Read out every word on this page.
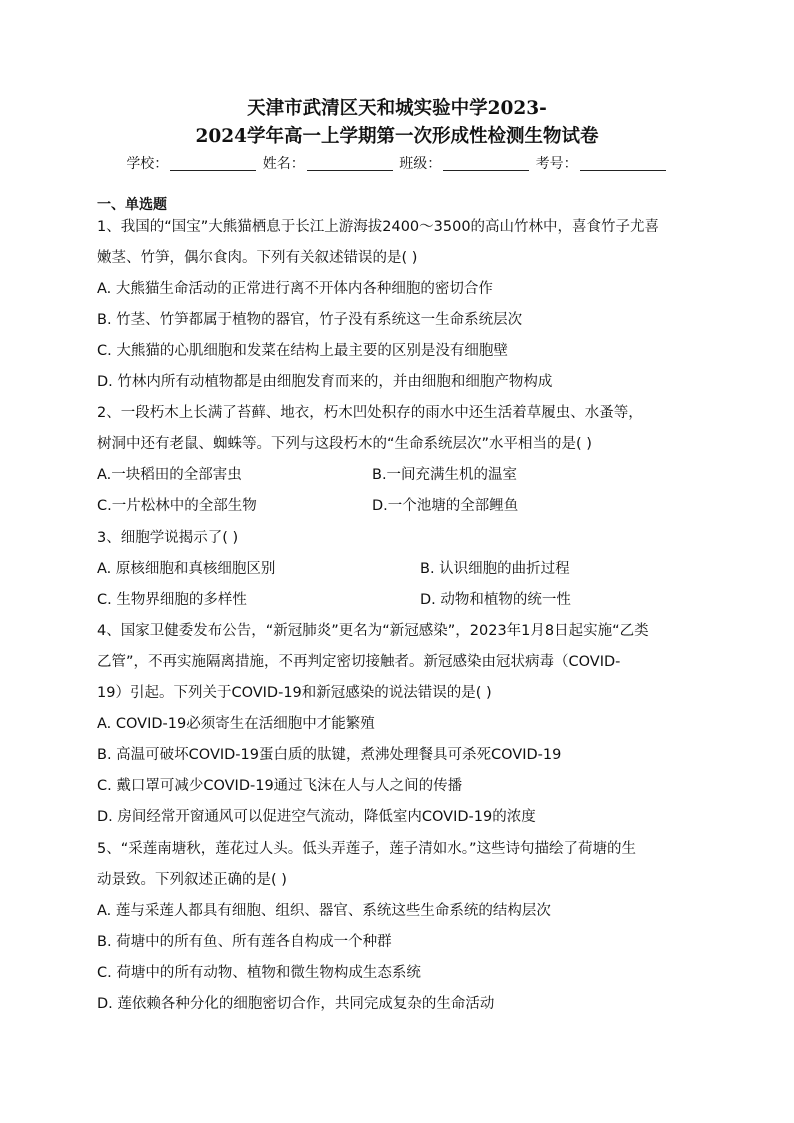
天津市武清区天和城实验中学2023-
2024学年高一上学期第一次形成性检测生物试卷
学校：	姓名：	班级：	考号：
一、单选题
1、我国的“国宝”大熊猫栖息于长江上游海拔2400～3500的高山竹林中，喜食竹子尤喜
嫩茎、竹笋，偶尔食肉。下列有关叙述错误的是( )
A. 大熊猫生命活动的正常进行离不开体内各种细胞的密切合作
B. 竹茎、竹笋都属于植物的器官，竹子没有系统这一生命系统层次
C. 大熊猫的心肌细胞和发菜在结构上最主要的区别是没有细胞壁
D. 竹林内所有动植物都是由细胞发育而来的，并由细胞和细胞产物构成
2、一段朽木上长满了苔藓、地衣，朽木凹处积存的雨水中还生活着草履虫、水蚤等，
树洞中还有老鼠、蜘蛛等。下列与这段朽木的“生命系统层次”水平相当的是( )
A.一块稻田的全部害虫	B.一间充满生机的温室
C.一片松林中的全部生物	D.一个池塘的全部鲤鱼
3、细胞学说揭示了( )
A. 原核细胞和真核细胞区别	B. 认识细胞的曲折过程
C. 生物界细胞的多样性	D. 动物和植物的统一性
4、国家卫健委发布公告，“新冠肺炎”更名为“新冠感染”，2023年1月8日起实施“乙类
乙管”，不再实施隔离措施，不再判定密切接触者。新冠感染由冠状病毒（COVID-
19）引起。下列关于COVID-19和新冠感染的说法错误的是( )
A. COVID-19必须寄生在活细胞中才能繁殖
B. 高温可破坏COVID-19蛋白质的肽键，煮沸处理餐具可杀死COVID-19
C. 戴口罩可减少COVID-19通过飞沫在人与人之间的传播
D. 房间经常开窗通风可以促进空气流动，降低室内COVID-19的浓度
5、“采莲南塘秋，莲花过人头。低头弄莲子，莲子清如水。”这些诗句描绘了荷塘的生
动景致。下列叙述正确的是( )
A. 莲与采莲人都具有细胞、组织、器官、系统这些生命系统的结构层次
B. 荷塘中的所有鱼、所有莲各自构成一个种群
C. 荷塘中的所有动物、植物和微生物构成生态系统
D. 莲依赖各种分化的细胞密切合作，共同完成复杂的生命活动
